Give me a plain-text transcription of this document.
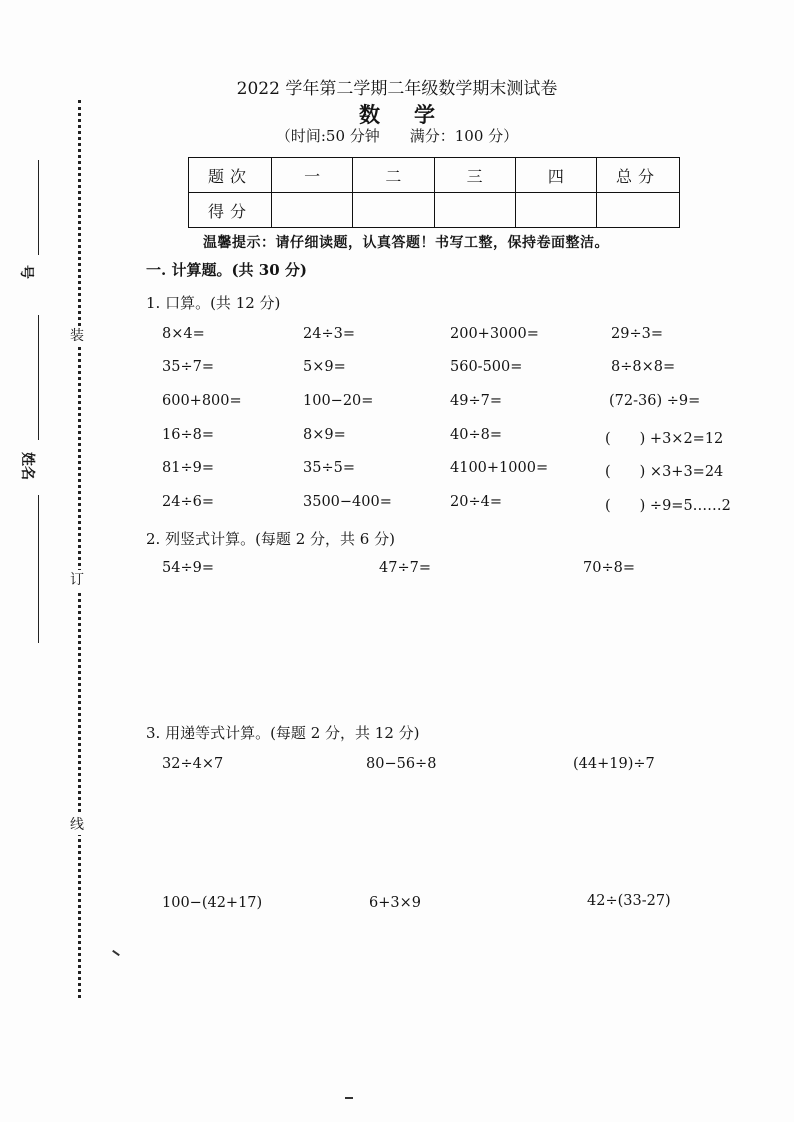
装
订
线
号
姓名
2022 学年第二学期二年级数学期末测试卷
数学
（时间:50 分钟　　满分：100 分）
题次	一	二	三	四	总分
得分					
温馨提示：请仔细读题，认真答题！书写工整，保持卷面整洁。
一. 计算题。(共 30 分)
1. 口算。(共 12 分)
8×4=	24÷3=	200+3000=	29÷3=
35÷7=	5×9=	560-500=	8÷8×8=
600+800=	100−20=	49÷7=	(72-36) ÷9=
16÷8=	8×9=	40÷8=	(　　) +3×2=12
81÷9=	35÷5=	4100+1000=	(　　) ×3+3=24
24÷6=	3500−400=	20÷4=	(　　) ÷9=5……2
2. 列竖式计算。(每题 2 分，共 6 分)
54÷9=	47÷7=	70÷8=
3. 用递等式计算。(每题 2 分，共 12 分)
32÷4×7	80−56÷8	(44+19)÷7
100−(42+17)	6+3×9	42÷(33-27)
